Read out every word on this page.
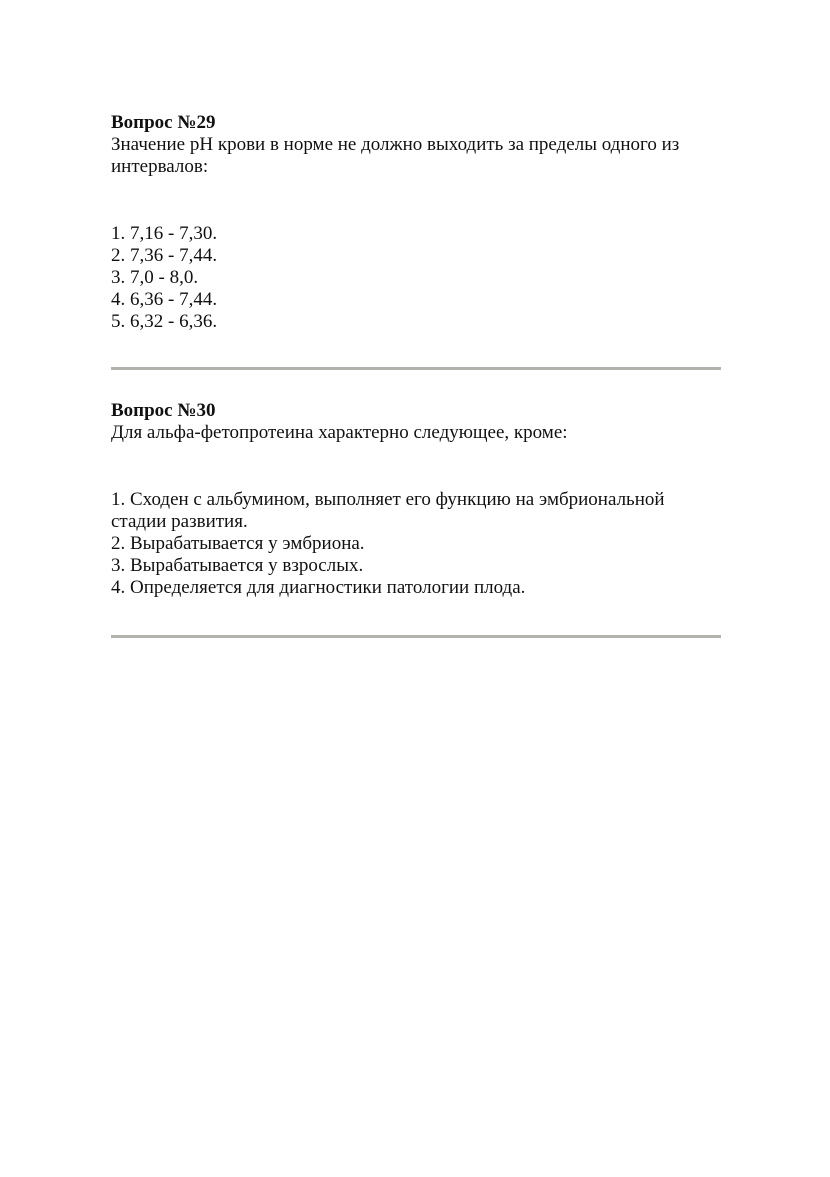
Вопрос №29

Значение рН крови в норме не должно выходить за пределы одного из интервалов:

1. 7,16 - 7,30.
2. 7,36 - 7,44.
3. 7,0 - 8,0.
4. 6,36 - 7,44.
5. 6,32 - 6,36.

Вопрос №30

Для альфа-фетопротеина характерно следующее, кроме:

1. Сходен с альбумином, выполняет его функцию на эмбриональной стадии развития.
2. Вырабатывается у эмбриона.
3. Вырабатывается у взрослых.
4. Определяется для диагностики патологии плода.
